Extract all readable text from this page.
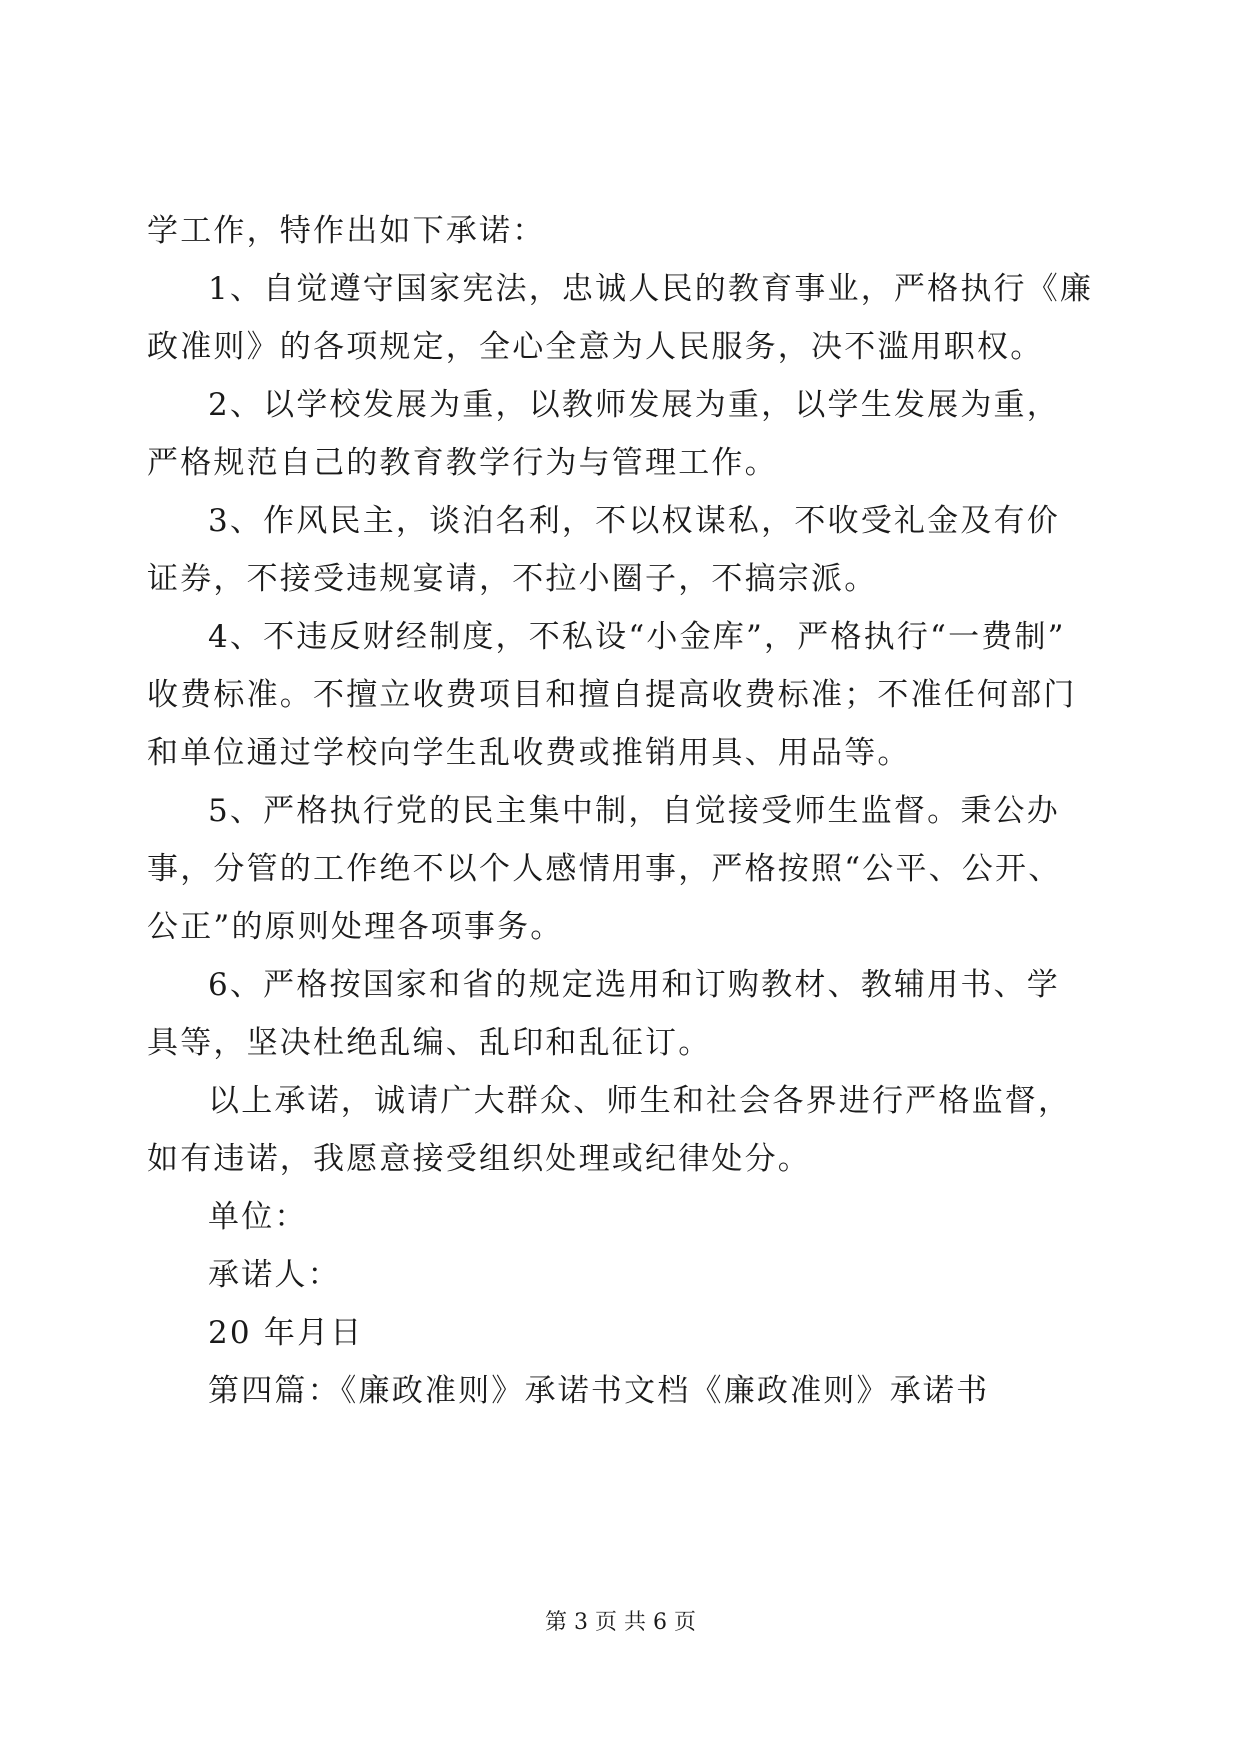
学工作，特作出如下承诺：
1、自觉遵守国家宪法，忠诚人民的教育事业，严格执行《廉
政准则》的各项规定，全心全意为人民服务，决不滥用职权。
2、以学校发展为重，以教师发展为重，以学生发展为重，
严格规范自己的教育教学行为与管理工作。
3、作风民主，谈泊名利，不以权谋私，不收受礼金及有价
证券，不接受违规宴请，不拉小圈子，不搞宗派。
4、不违反财经制度，不私设“小金库”，严格执行“一费制”
收费标准。不擅立收费项目和擅自提高收费标准；不准任何部门
和单位通过学校向学生乱收费或推销用具、用品等。
5、严格执行党的民主集中制，自觉接受师生监督。秉公办
事，分管的工作绝不以个人感情用事，严格按照“公平、公开、
公正”的原则处理各项事务。
6、严格按国家和省的规定选用和订购教材、教辅用书、学
具等，坚决杜绝乱编、乱印和乱征订。
以上承诺，诚请广大群众、师生和社会各界进行严格监督，
如有违诺，我愿意接受组织处理或纪律处分。
单位：
承诺人：
20 年月日
第四篇：《廉政准则》承诺书文档《廉政准则》承诺书
第 3 页 共 6 页
